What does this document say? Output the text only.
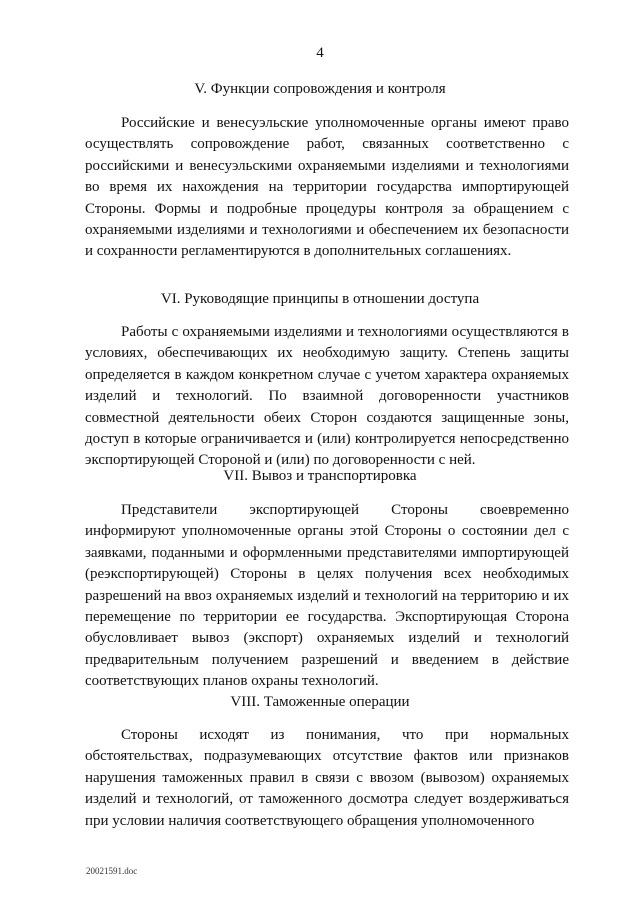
4
V. Функции сопровождения и контроля

Российские и венесуэльские уполномоченные органы имеют право осуществлять сопровождение работ, связанных соответственно с российскими и венесуэльскими охраняемыми изделиями и технологиями во время их нахождения на территории государства импортирующей Стороны. Формы и подробные процедуры контроля за обращением с охраняемыми изделиями и технологиями и обеспечением их безопасности и сохранности регламентируются в дополнительных соглашениях.

VI. Руководящие принципы в отношении доступа

Работы с охраняемыми изделиями и технологиями осуществляются в условиях, обеспечивающих их необходимую защиту. Степень защиты определяется в каждом конкретном случае с учетом характера охраняемых изделий и технологий. По взаимной договоренности участников совместной деятельности обеих Сторон создаются защищенные зоны, доступ в которые ограничивается и (или) контролируется непосредственно экспортирующей Стороной и (или) по договоренности с ней.

VII. Вывоз и транспортировка

Представители экспортирующей Стороны своевременно информируют уполномоченные органы этой Стороны о состоянии дел с заявками, поданными и оформленными представителями импортирующей (реэкспортирующей) Стороны в целях получения всех необходимых разрешений на ввоз охраняемых изделий и технологий на территорию и их перемещение по территории ее государства. Экспортирующая Сторона обусловливает вывоз (экспорт) охраняемых изделий и технологий предварительным получением разрешений и введением в действие соответствующих планов охраны технологий.

VIII. Таможенные операции

Стороны исходят из понимания, что при нормальных обстоятельствах, подразумевающих отсутствие фактов или признаков нарушения таможенных правил в связи с ввозом (вывозом) охраняемых изделий и технологий, от таможенного досмотра следует воздерживаться при условии наличия соответствующего обращения уполномоченного

20021591.doc
